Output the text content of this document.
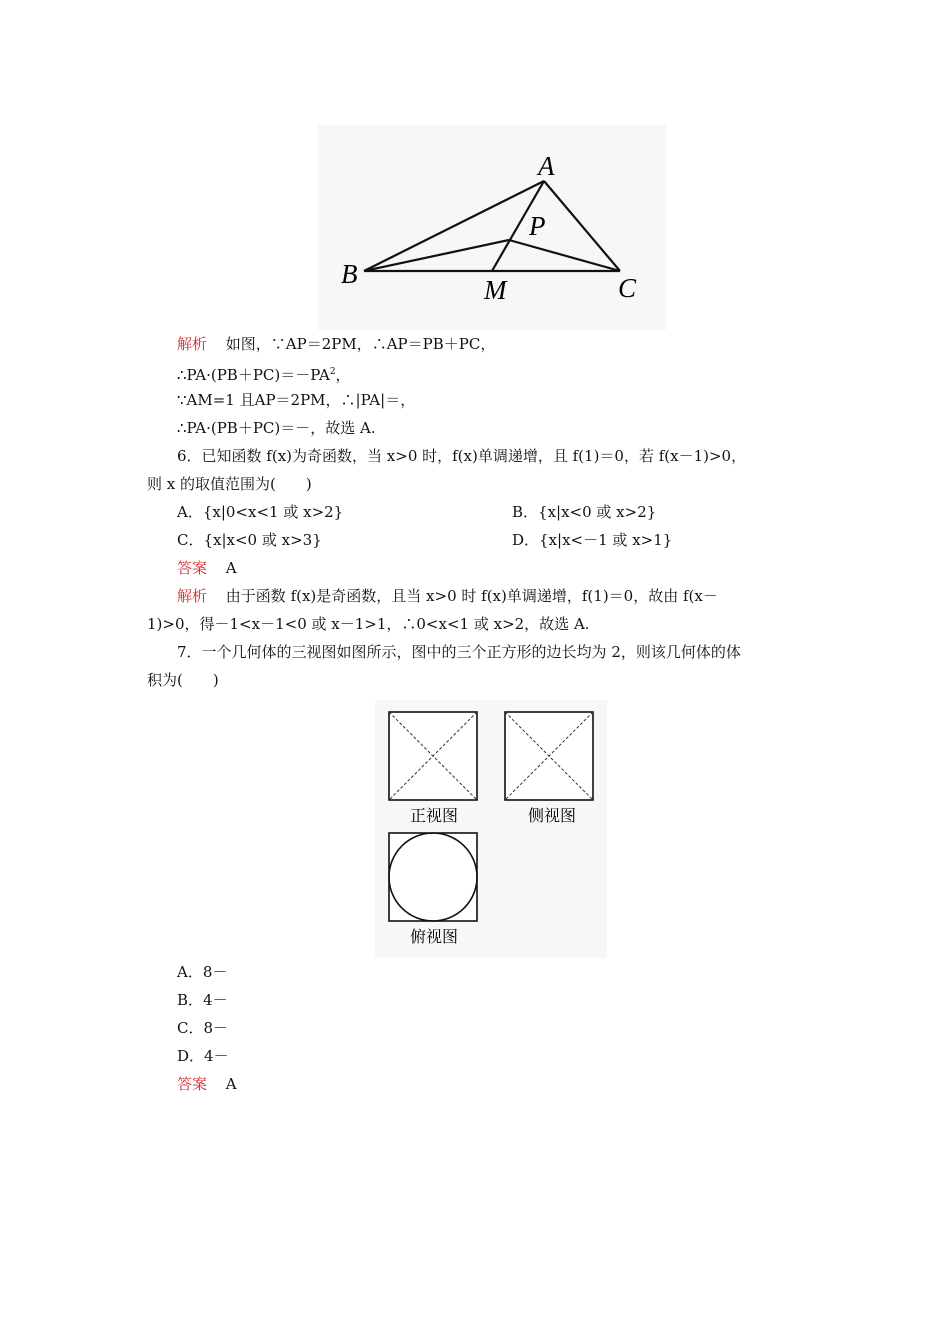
A
B	C
M
P
解析 如图，∵AP＝2PM，∴AP＝PB＋PC，
$\therefore PA\cdot(PB+PC)=-PA^2$，
∵AM=1 且AP＝2PM，∴|PA|＝，
∴PA·(PB＋PC)＝－，故选 A.
6．已知函数 f(x)为奇函数，当 x>0 时，f(x)单调递增，且 f(1)＝0，若 f(x－1)>0，
则 x 的取值范围为(　　)
A．{x|0<x<1 或 x>2}	B．{x|x<0 或 x>2}
C．{x|x<0 或 x>3}	D．{x|x<－1 或 x>1}
答案 A
解析 由于函数 f(x)是奇函数，且当 x>0 时 f(x)单调递增，f(1)＝0，故由 f(x－
1)>0，得－1<x－1<0 或 x－1>1，∴0<x<1 或 x>2，故选 A.
7．一个几何体的三视图如图所示，图中的三个正方形的边长均为 2，则该几何体的体
积为(　　)
正视图	侧视图
俯视图
A．8－
B．4－
C．8－
D．4－
答案 A
